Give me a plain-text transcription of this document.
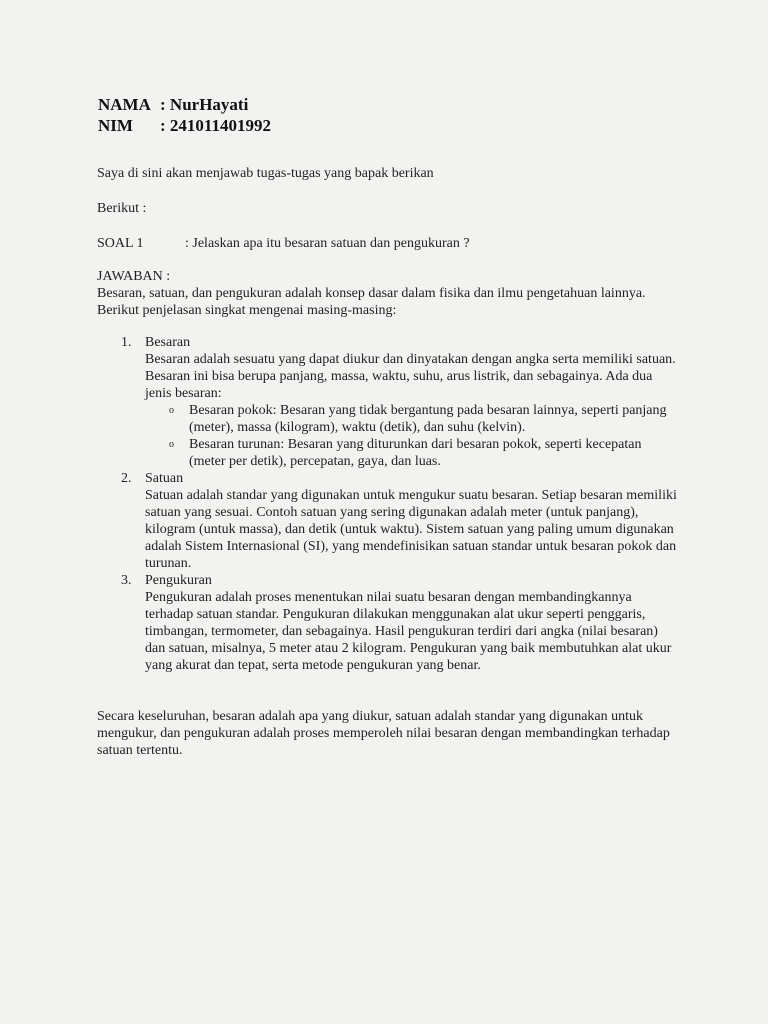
NAMA : NurHayati
NIM	: 241011401992
Saya di sini akan menjawab tugas-tugas yang bapak berikan
Berikut :
SOAL 1	: Jelaskan apa itu besaran satuan dan pengukuran ?
JAWABAN :
Besaran, satuan, dan pengukuran adalah konsep dasar dalam fisika dan ilmu pengetahuan lainnya. Berikut penjelasan singkat mengenai masing-masing:
1. Besaran
Besaran adalah sesuatu yang dapat diukur dan dinyatakan dengan angka serta memiliki satuan. Besaran ini bisa berupa panjang, massa, waktu, suhu, arus listrik, dan sebagainya. Ada dua jenis besaran:
o Besaran pokok: Besaran yang tidak bergantung pada besaran lainnya, seperti panjang (meter), massa (kilogram), waktu (detik), dan suhu (kelvin).
o Besaran turunan: Besaran yang diturunkan dari besaran pokok, seperti kecepatan (meter per detik), percepatan, gaya, dan luas.
2. Satuan
Satuan adalah standar yang digunakan untuk mengukur suatu besaran. Setiap besaran memiliki satuan yang sesuai. Contoh satuan yang sering digunakan adalah meter (untuk panjang), kilogram (untuk massa), dan detik (untuk waktu). Sistem satuan yang paling umum digunakan adalah Sistem Internasional (SI), yang mendefinisikan satuan standar untuk besaran pokok dan turunan.
3. Pengukuran
Pengukuran adalah proses menentukan nilai suatu besaran dengan membandingkannya terhadap satuan standar. Pengukuran dilakukan menggunakan alat ukur seperti penggaris, timbangan, termometer, dan sebagainya. Hasil pengukuran terdiri dari angka (nilai besaran) dan satuan, misalnya, 5 meter atau 2 kilogram. Pengukuran yang baik membutuhkan alat ukur yang akurat dan tepat, serta metode pengukuran yang benar.
Secara keseluruhan, besaran adalah apa yang diukur, satuan adalah standar yang digunakan untuk mengukur, dan pengukuran adalah proses memperoleh nilai besaran dengan membandingkan terhadap satuan tertentu.
